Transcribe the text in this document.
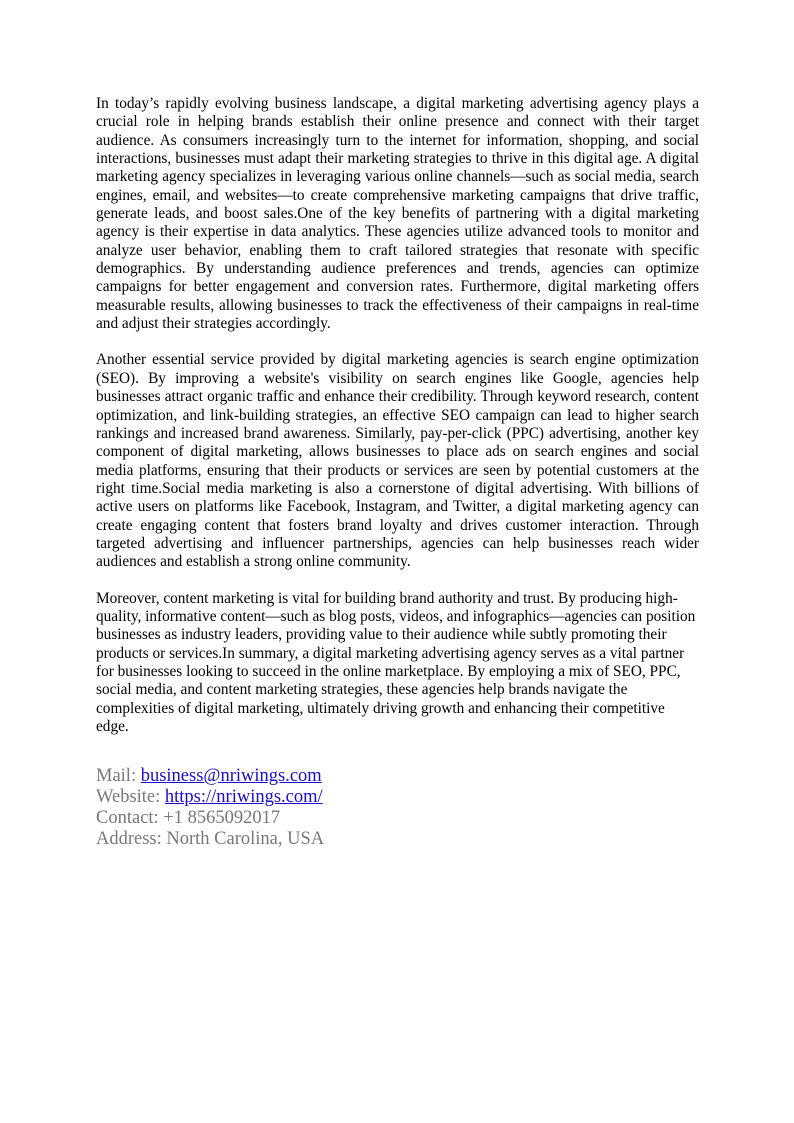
In today’s rapidly evolving business landscape, a digital marketing advertising agency plays a crucial role in helping brands establish their online presence and connect with their target audience. As consumers increasingly turn to the internet for information, shopping, and social interactions, businesses must adapt their marketing strategies to thrive in this digital age. A digital marketing agency specializes in leveraging various online channels—such as social media, search engines, email, and websites—to create comprehensive marketing campaigns that drive traffic, generate leads, and boost sales.One of the key benefits of partnering with a digital marketing agency is their expertise in data analytics. These agencies utilize advanced tools to monitor and analyze user behavior, enabling them to craft tailored strategies that resonate with specific demographics. By understanding audience preferences and trends, agencies can optimize campaigns for better engagement and conversion rates. Furthermore, digital marketing offers measurable results, allowing businesses to track the effectiveness of their campaigns in real-time and adjust their strategies accordingly.

Another essential service provided by digital marketing agencies is search engine optimization (SEO). By improving a website's visibility on search engines like Google, agencies help businesses attract organic traffic and enhance their credibility. Through keyword research, content optimization, and link-building strategies, an effective SEO campaign can lead to higher search rankings and increased brand awareness. Similarly, pay-per-click (PPC) advertising, another key component of digital marketing, allows businesses to place ads on search engines and social media platforms, ensuring that their products or services are seen by potential customers at the right time.Social media marketing is also a cornerstone of digital advertising. With billions of active users on platforms like Facebook, Instagram, and Twitter, a digital marketing agency can create engaging content that fosters brand loyalty and drives customer interaction. Through targeted advertising and influencer partnerships, agencies can help businesses reach wider audiences and establish a strong online community.

Moreover, content marketing is vital for building brand authority and trust. By producing high-quality, informative content—such as blog posts, videos, and infographics—agencies can position businesses as industry leaders, providing value to their audience while subtly promoting their products or services.In summary, a digital marketing advertising agency serves as a vital partner for businesses looking to succeed in the online marketplace. By employing a mix of SEO, PPC, social media, and content marketing strategies, these agencies help brands navigate the complexities of digital marketing, ultimately driving growth and enhancing their competitive edge.

Mail: business@nriwings.com
Website: https://nriwings.com/
Contact: +1 8565092017
Address: North Carolina, USA
